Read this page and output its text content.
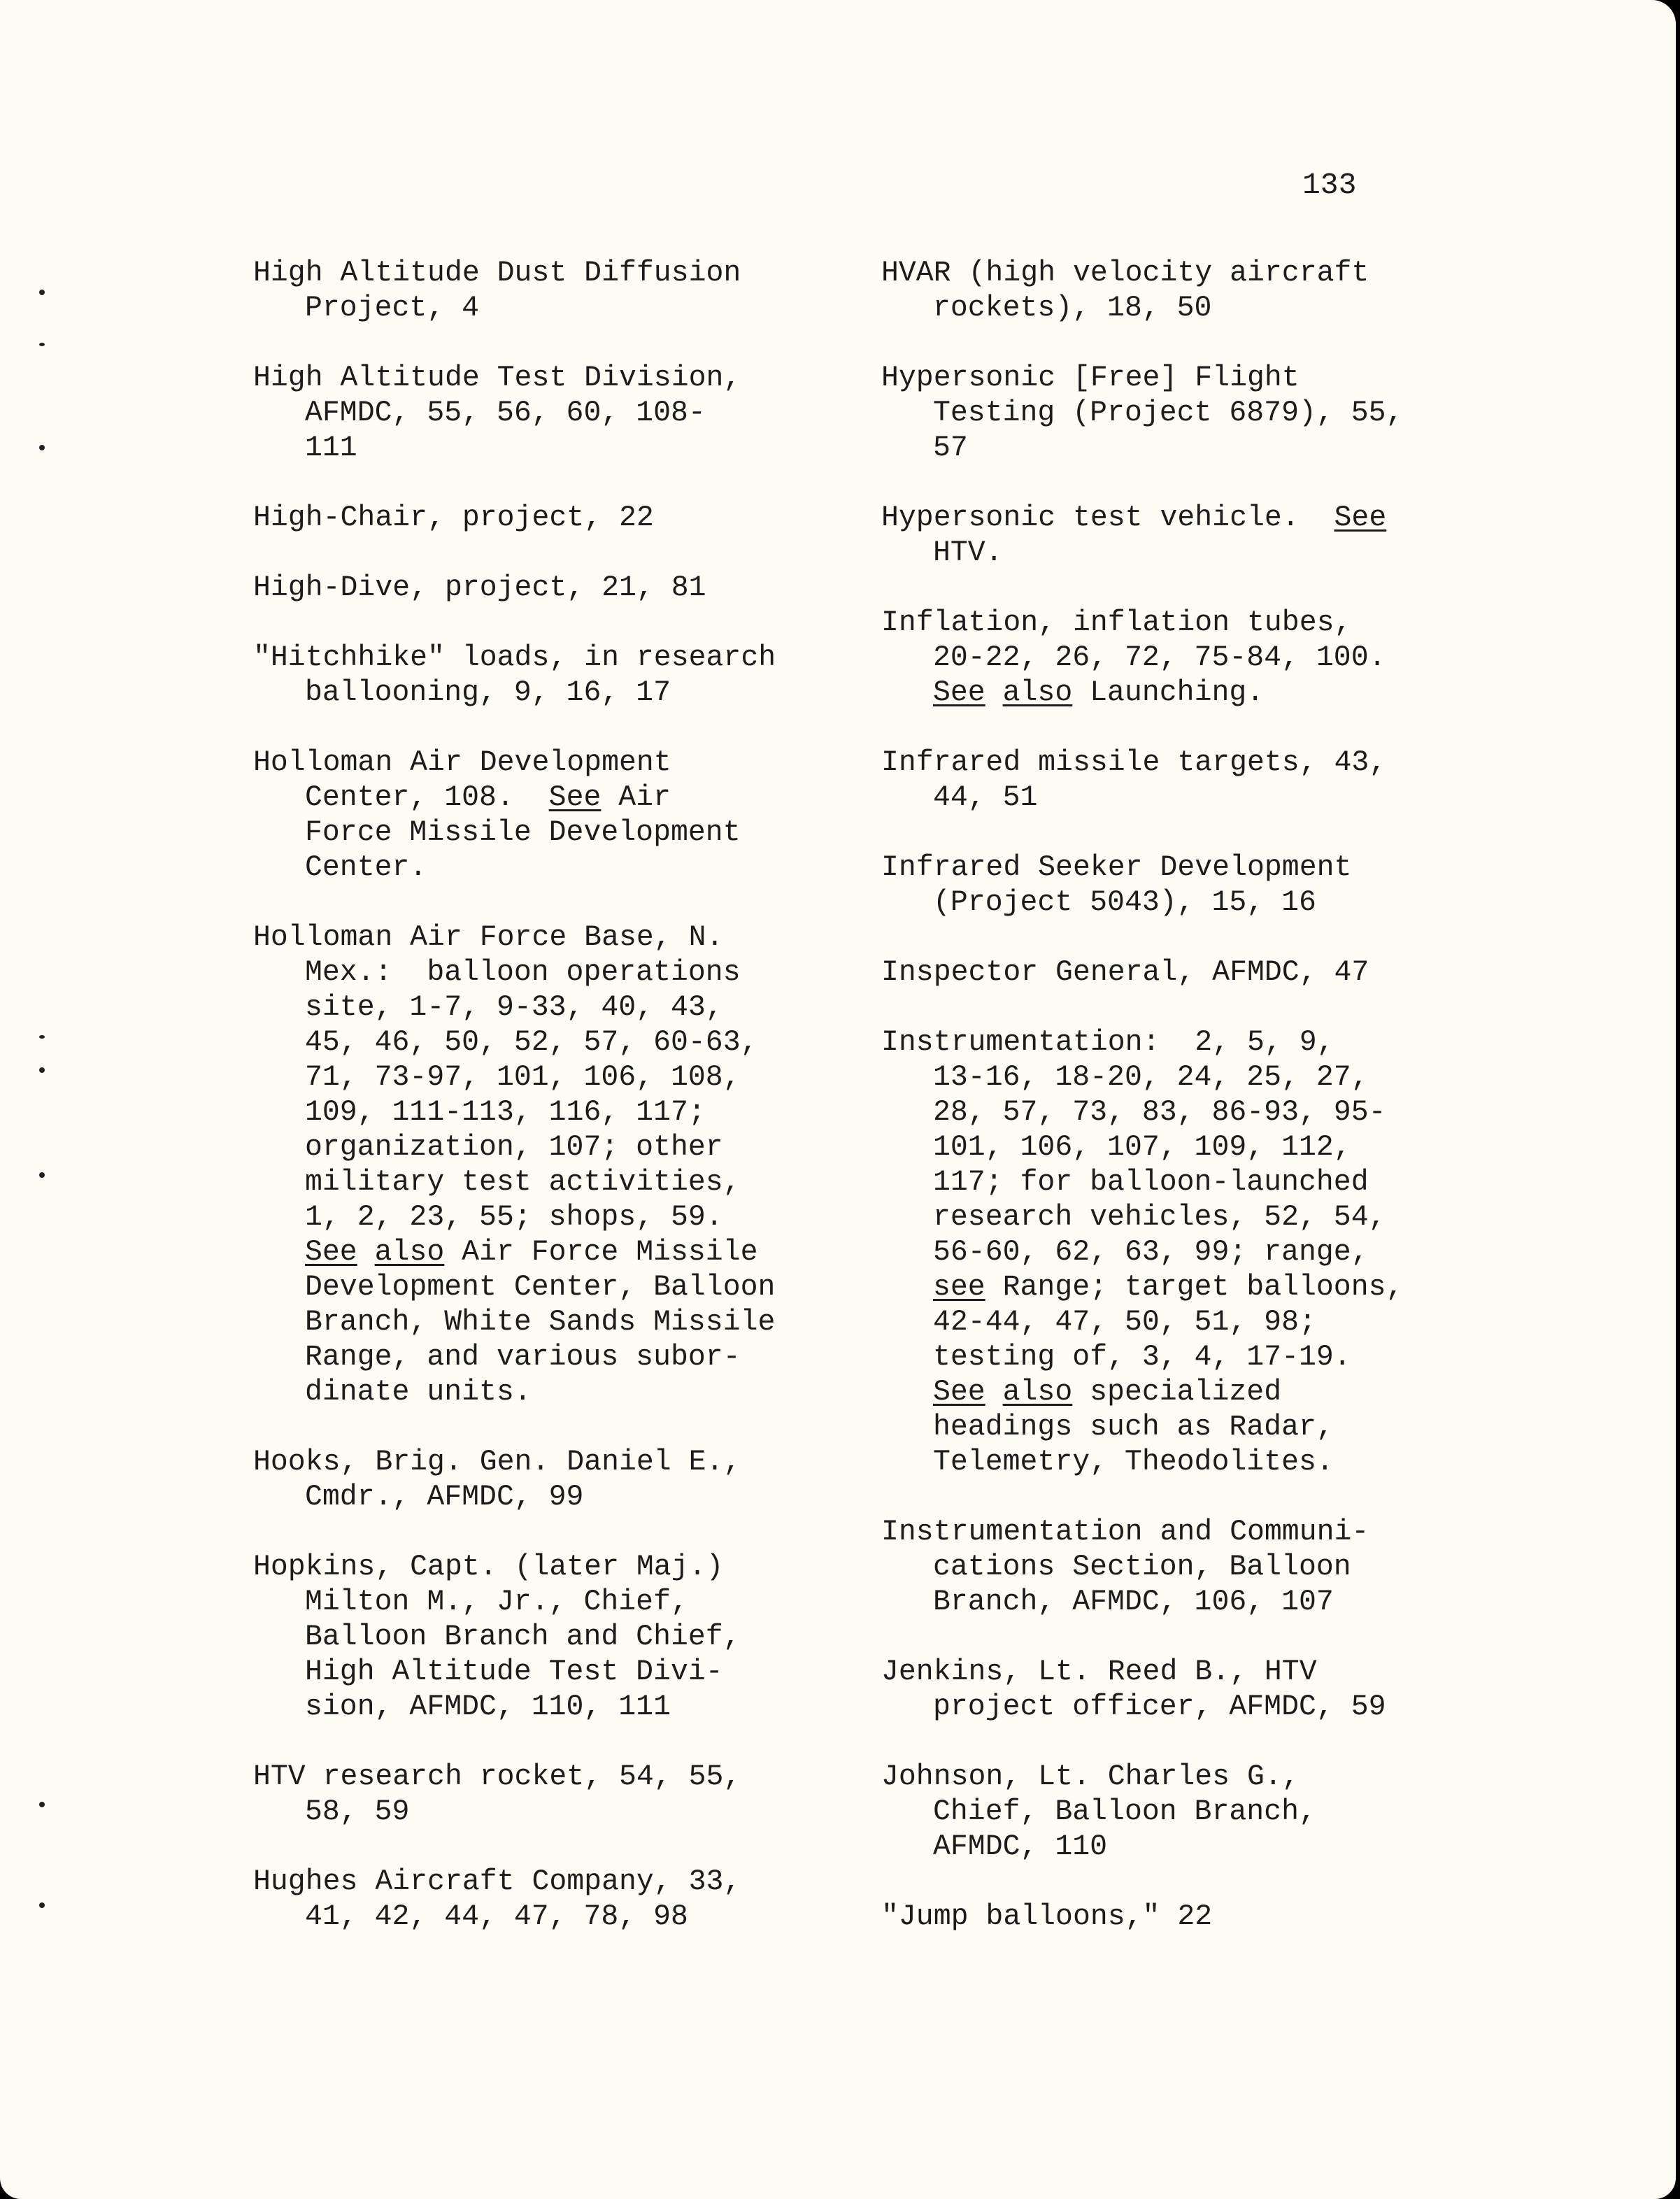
133

High Altitude Dust Diffusion
Project, 4
High Altitude Test Division,
AFMDC, 55, 56, 60, 108-
111
High-Chair, project, 22
High-Dive, project, 21, 81
"Hitchhike" loads, in research
ballooning, 9, 16, 17
Holloman Air Development
Center, 108.  See Air
Force Missile Development
Center.
Holloman Air Force Base, N.
Mex.:  balloon operations
site, 1-7, 9-33, 40, 43,
45, 46, 50, 52, 57, 60-63,
71, 73-97, 101, 106, 108,
109, 111-113, 116, 117;
organization, 107; other
military test activities,
1, 2, 23, 55; shops, 59.
See also Air Force Missile
Development Center, Balloon
Branch, White Sands Missile
Range, and various subor-
dinate units.
Hooks, Brig. Gen. Daniel E.,
Cmdr., AFMDC, 99
Hopkins, Capt. (later Maj.)
Milton M., Jr., Chief,
Balloon Branch and Chief,
High Altitude Test Divi-
sion, AFMDC, 110, 111
HTV research rocket, 54, 55,
58, 59
Hughes Aircraft Company, 33,
41, 42, 44, 47, 78, 98
HVAR (high velocity aircraft
rockets), 18, 50
Hypersonic [Free] Flight
Testing (Project 6879), 55,
57
Hypersonic test vehicle.  See
HTV.
Inflation, inflation tubes,
20-22, 26, 72, 75-84, 100.
See also Launching.
Infrared missile targets, 43,
44, 51
Infrared Seeker Development
(Project 5043), 15, 16
Inspector General, AFMDC, 47
Instrumentation:  2, 5, 9,
13-16, 18-20, 24, 25, 27,
28, 57, 73, 83, 86-93, 95-
101, 106, 107, 109, 112,
117; for balloon-launched
research vehicles, 52, 54,
56-60, 62, 63, 99; range,
see Range; target balloons,
42-44, 47, 50, 51, 98;
testing of, 3, 4, 17-19.
See also specialized
headings such as Radar,
Telemetry, Theodolites.
Instrumentation and Communi-
cations Section, Balloon
Branch, AFMDC, 106, 107
Jenkins, Lt. Reed B., HTV
project officer, AFMDC, 59
Johnson, Lt. Charles G.,
Chief, Balloon Branch,
AFMDC, 110
"Jump balloons," 22
